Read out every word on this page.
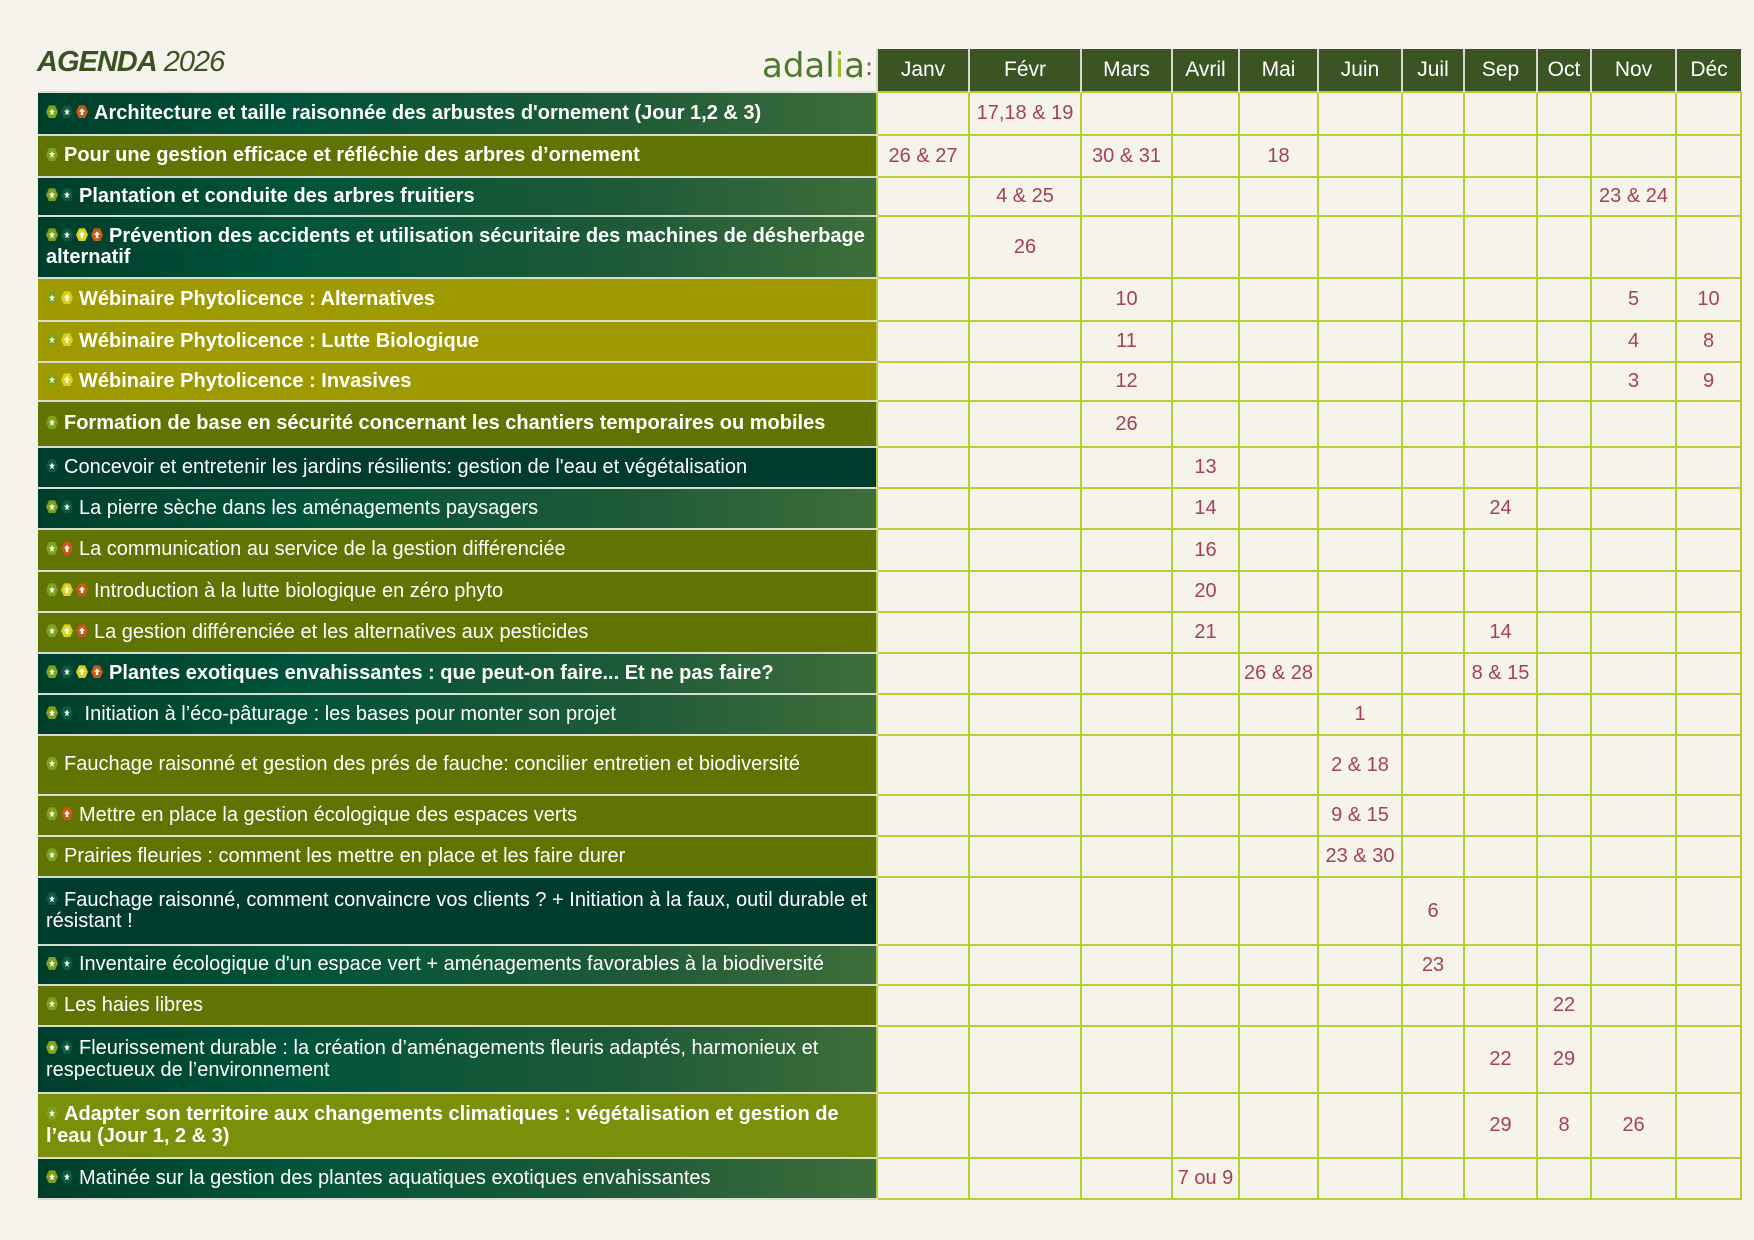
AGENDA 2026	adalia:
	Janv	Févr	Mars	Avril	Mai	Juin	Juil	Sep	Oct	Nov	Déc
Architecture et taille raisonnée des arbustes d'ornement (Jour 1,2 & 3)		17,18 & 19									
Pour une gestion efficace et réfléchie des arbres d’ornement	26 & 27		30 & 31		18						
Plantation et conduite des arbres fruitiers		4 & 25								23 & 24	
Prévention des accidents et utilisation sécuritaire des machines de désherbage alternatif		26									
Wébinaire Phytolicence : Alternatives			10							5	10
Wébinaire Phytolicence : Lutte Biologique			11							4	8
Wébinaire Phytolicence : Invasives			12							3	9
Formation de base en sécurité concernant les chantiers temporaires ou mobiles			26								
Concevoir et entretenir les jardins résilients: gestion de l'eau et végétalisation				13							
La pierre sèche dans les aménagements paysagers				14				24			
La communication au service de la gestion différenciée				16							
Introduction à la lutte biologique en zéro phyto				20							
La gestion différenciée et les alternatives aux pesticides				21				14			
Plantes exotiques envahissantes : que peut-on faire... Et ne pas faire?					26 & 28			8 & 15			
Initiation à l’éco-pâturage : les bases pour monter son projet						1					
Fauchage raisonné et gestion des prés de fauche: concilier entretien et biodiversité						2 & 18					
Mettre en place la gestion écologique des espaces verts						9 & 15					
Prairies fleuries : comment les mettre en place et les faire durer						23 & 30					
Fauchage raisonné, comment convaincre vos clients ? + Initiation à la faux, outil durable et résistant !							6				
Inventaire écologique d'un espace vert + aménagements favorables à la biodiversité							23				
Les haies libres									22		
Fleurissement durable : la création d’aménagements fleuris adaptés, harmonieux et respectueux de l’environnement								22	29		
Adapter son territoire aux changements climatiques : végétalisation et gestion de l’eau (Jour 1, 2 & 3)								29	8	26	
Matinée sur la gestion des plantes aquatiques exotiques envahissantes				7 ou 9							
